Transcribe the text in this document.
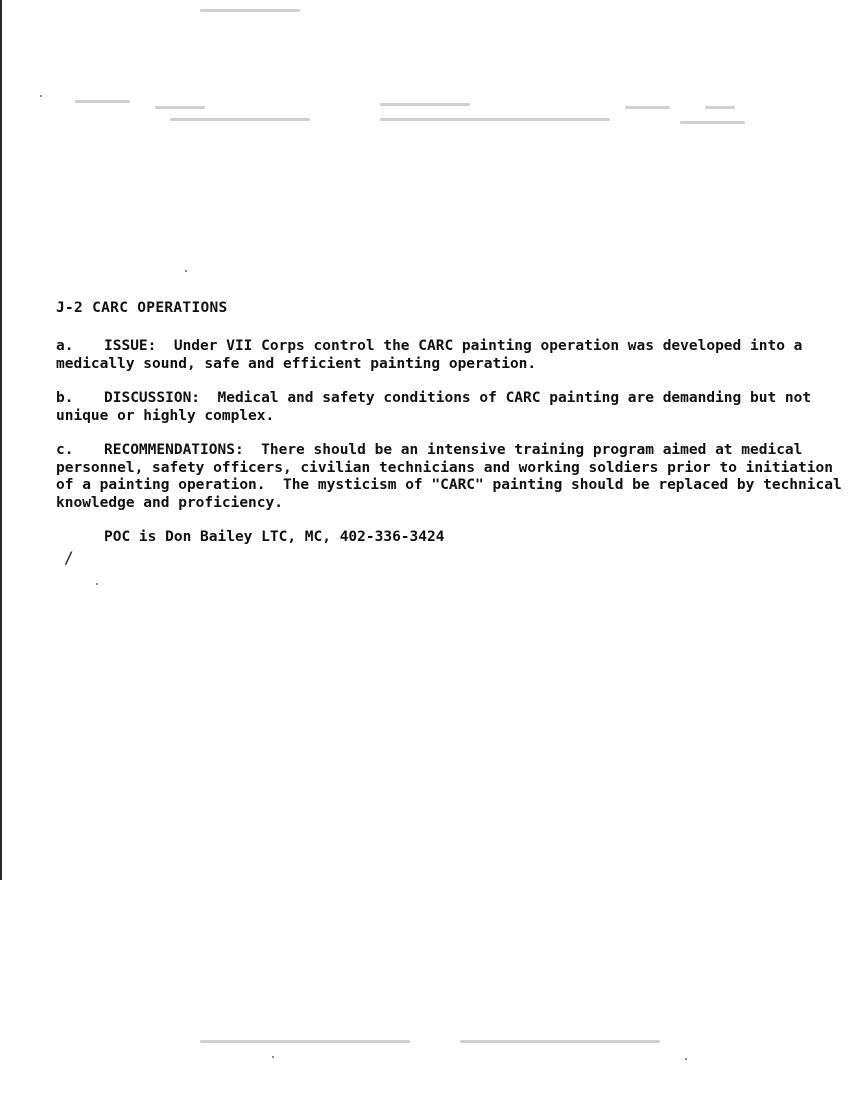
J-2 CARC OPERATIONS

a. ISSUE:  Under VII Corps control the CARC painting operation was developed into a medically sound, safe and efficient painting operation.

b. DISCUSSION:  Medical and safety conditions of CARC painting are demanding but not unique or highly complex.

c. RECOMMENDATIONS:  There should be an intensive training program aimed at medical personnel, safety officers, civilian technicians and working soldiers prior to initiation of a painting operation.  The mysticism of "CARC" painting should be replaced by technical knowledge and proficiency.

POC is Don Bailey LTC, MC, 402-336-3424

/
